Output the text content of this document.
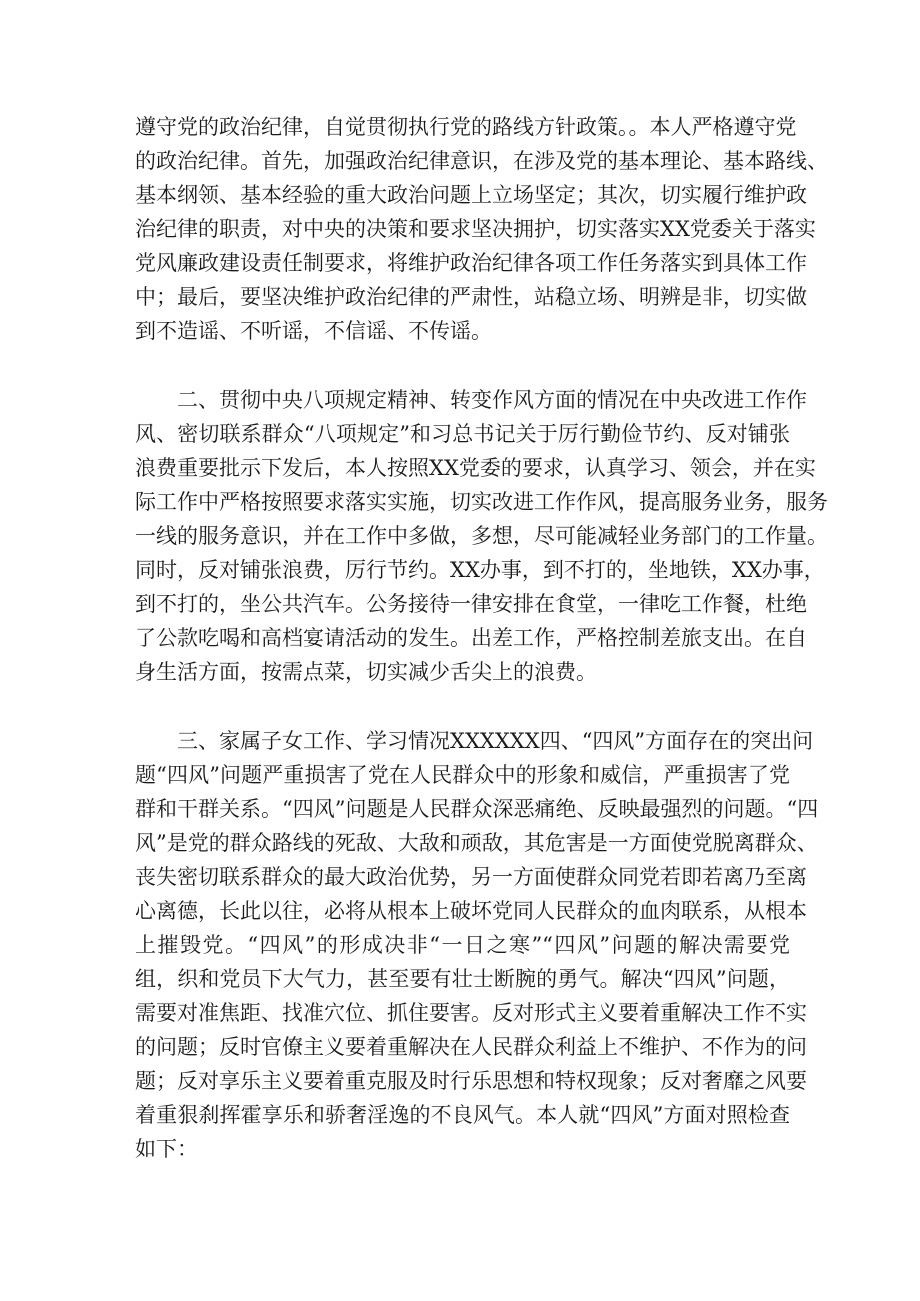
遵守党的政治纪律，自觉贯彻执行党的路线方针政策。。本人严格遵守党
的政治纪律。首先，加强政治纪律意识，在涉及党的基本理论、基本路线、
基本纲领、基本经验的重大政治问题上立场坚定；其次，切实履行维护政
治纪律的职责，对中央的决策和要求坚决拥护，切实落实XX党委关于落实
党风廉政建设责任制要求，将维护政治纪律各项工作任务落实到具体工作
中；最后，要坚决维护政治纪律的严肃性，站稳立场、明辨是非，切实做
到不造谣、不听谣，不信谣、不传谣。
　　二、贯彻中央八项规定精神、转变作风方面的情况在中央改进工作作
风、密切联系群众“八项规定”和习总书记关于厉行勤俭节约、反对铺张
浪费重要批示下发后，本人按照XX党委的要求，认真学习、领会，并在实
际工作中严格按照要求落实实施，切实改进工作作风，提高服务业务，服务
一线的服务意识，并在工作中多做，多想，尽可能减轻业务部门的工作量。
同时，反对铺张浪费，厉行节约。XX办事，到不打的，坐地铁，XX办事，
到不打的，坐公共汽车。公务接待一律安排在食堂，一律吃工作餐，杜绝
了公款吃喝和高档宴请活动的发生。出差工作，严格控制差旅支出。在自
身生活方面，按需点菜，切实减少舌尖上的浪费。
　　三、家属子女工作、学习情况XXXXXX四、“四风”方面存在的突出问
题“四风”问题严重损害了党在人民群众中的形象和威信，严重损害了党
群和干群关系。“四风”问题是人民群众深恶痛绝、反映最强烈的问题。“四
风”是党的群众路线的死敌、大敌和顽敌，其危害是一方面使党脱离群众、
丧失密切联系群众的最大政治优势，另一方面使群众同党若即若离乃至离
心离德，长此以往，必将从根本上破坏党同人民群众的血肉联系，从根本
上摧毁党。“四风”的形成决非“一日之寒”“四风”问题的解决需要党
组，织和党员下大气力，甚至要有壮士断腕的勇气。解决“四风”问题，
需要对准焦距、找准穴位、抓住要害。反对形式主义要着重解决工作不实
的问题；反时官僚主义要着重解决在人民群众利益上不维护、不作为的问
题；反对享乐主义要着重克服及时行乐思想和特权现象；反对奢靡之风要
着重狠刹挥霍享乐和骄奢淫逸的不良风气。本人就“四风”方面对照检查
如下：
